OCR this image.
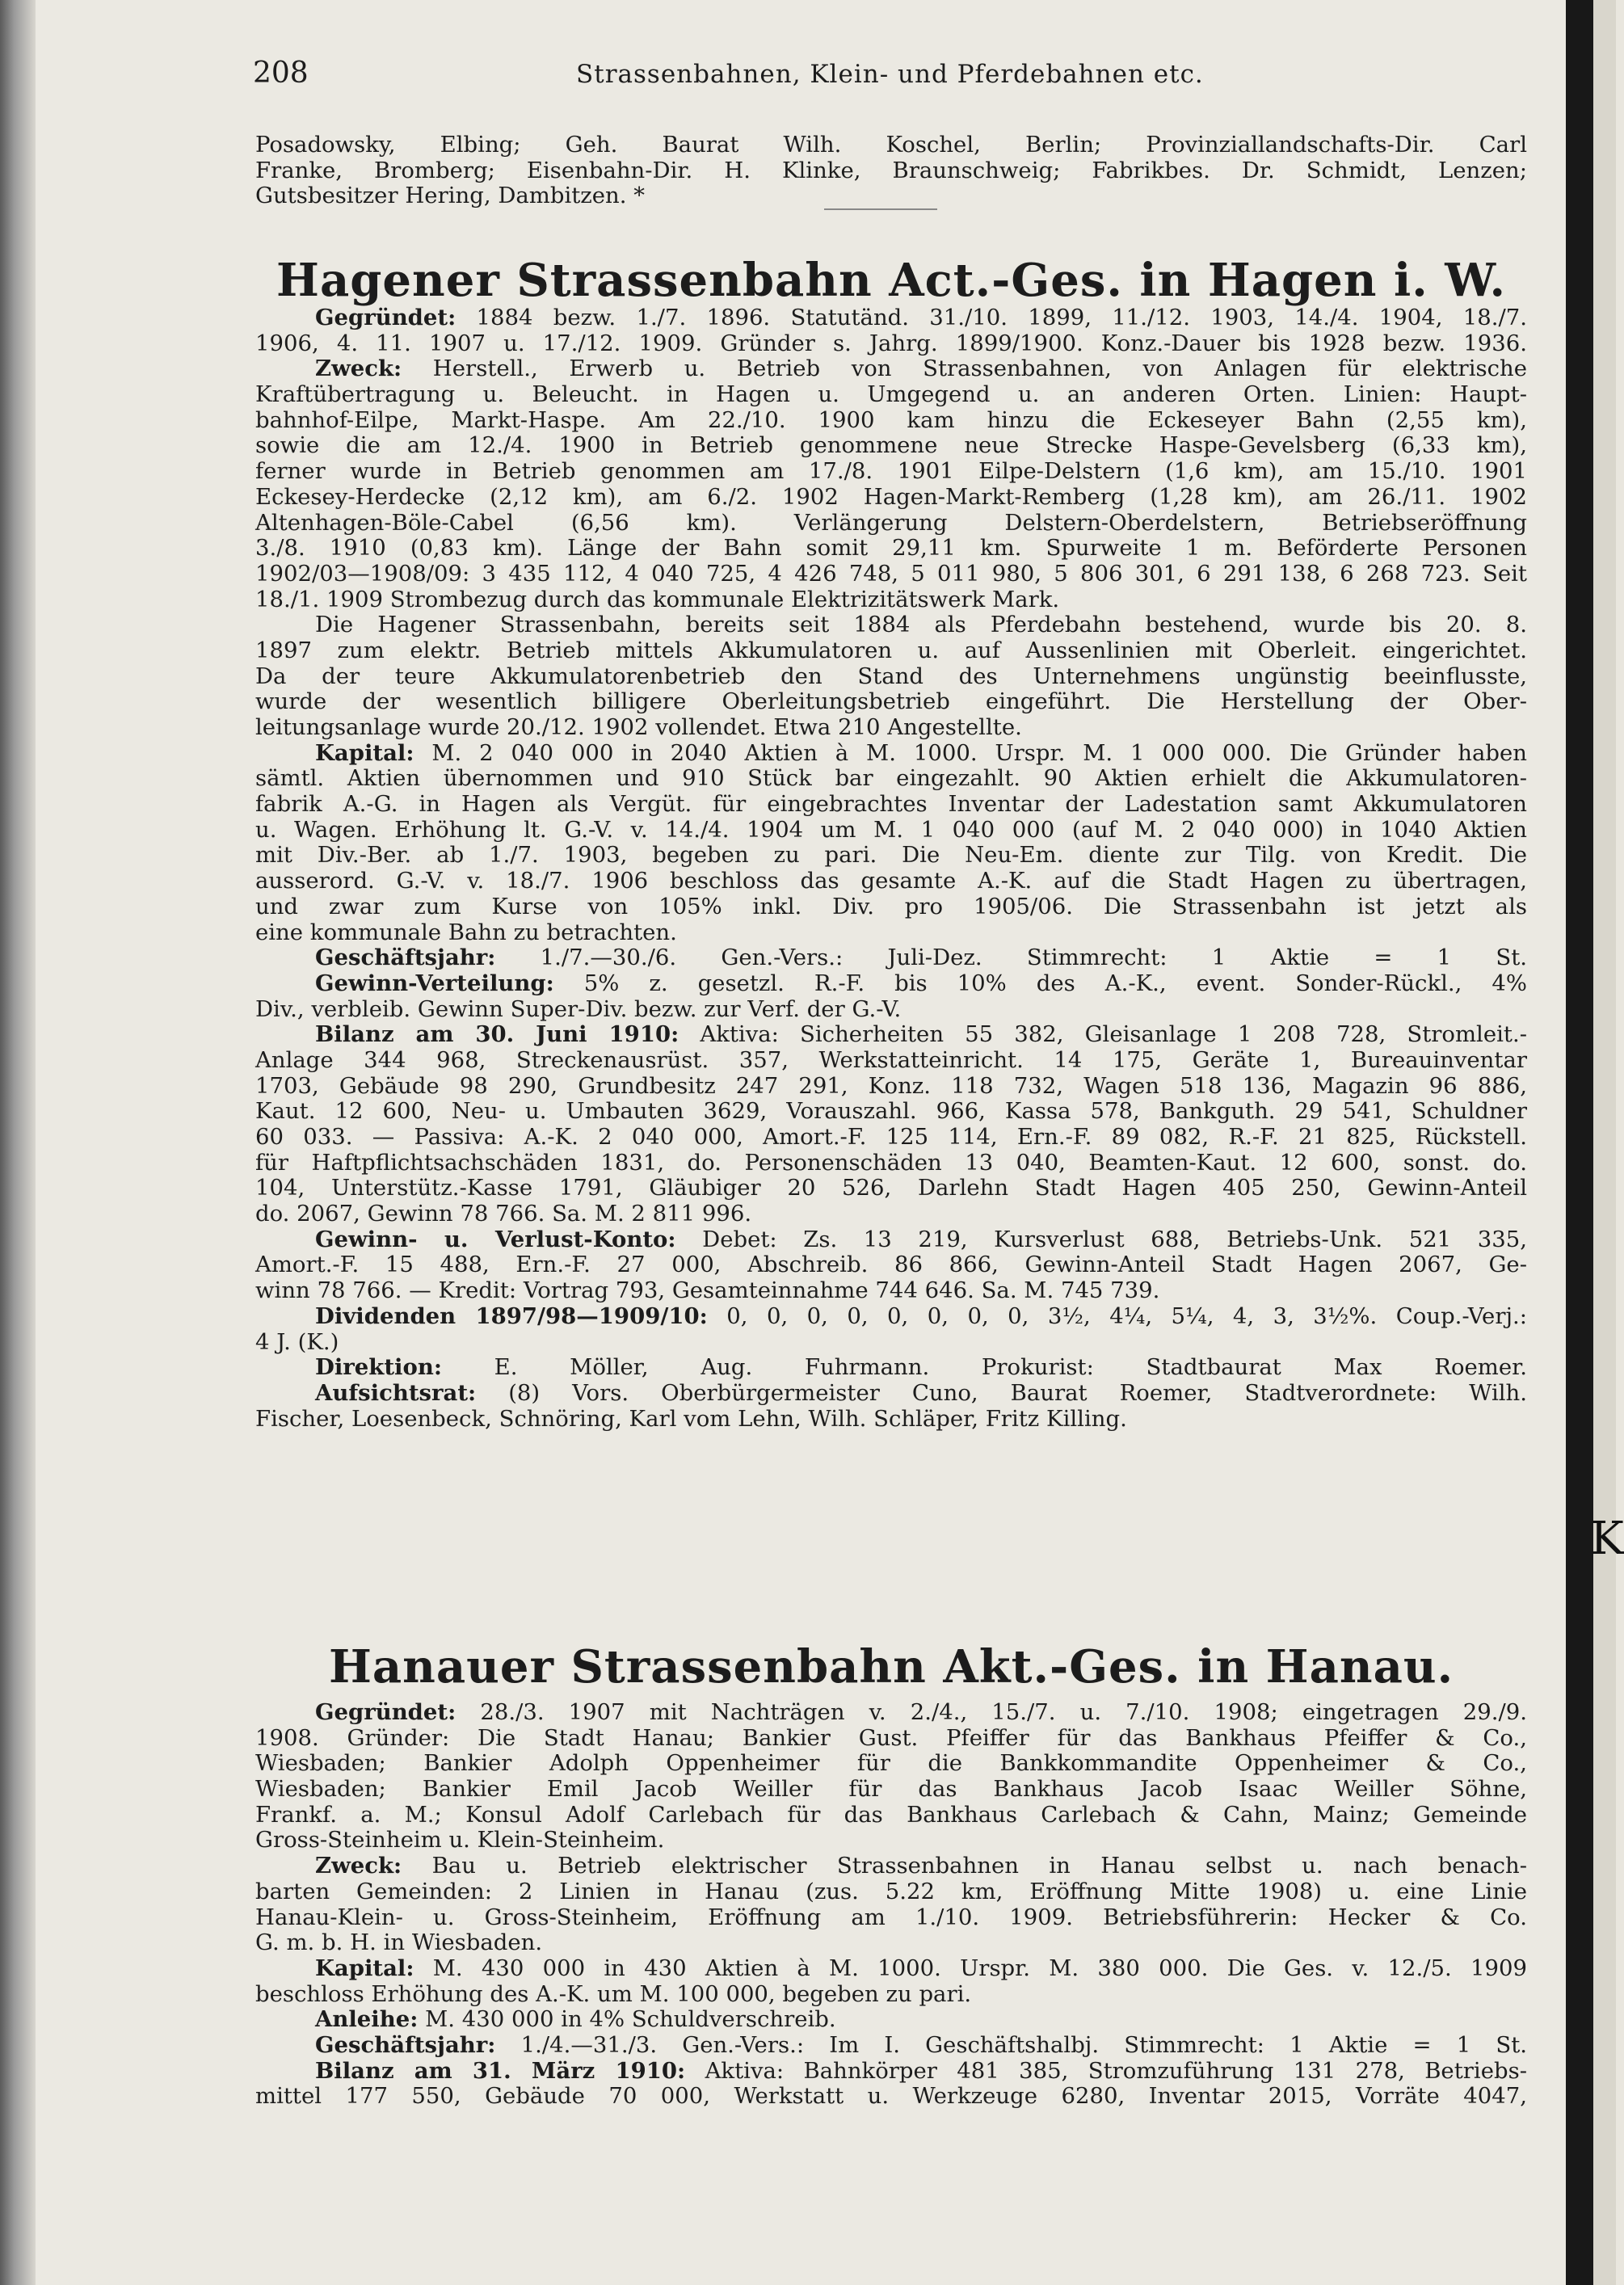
K
208	Strassenbahnen, Klein- und Pferdebahnen etc.
Posadowsky, Elbing; Geh. Baurat Wilh. Koschel, Berlin; Provinziallandschafts-Dir. Carl
Franke, Bromberg; Eisenbahn-Dir. H. Klinke, Braunschweig; Fabrikbes. Dr. Schmidt, Lenzen;
Gutsbesitzer Hering, Dambitzen. *
Hagener Strassenbahn Act.-Ges. in Hagen i. W.
Gegründet: 1884 bezw. 1./7. 1896. Statutänd. 31./10. 1899, 11./12. 1903, 14./4. 1904, 18./7.
1906, 4. 11. 1907 u. 17./12. 1909. Gründer s. Jahrg. 1899/1900. Konz.-Dauer bis 1928 bezw. 1936.
Zweck: Herstell., Erwerb u. Betrieb von Strassenbahnen, von Anlagen für elektrische
Kraftübertragung u. Beleucht. in Hagen u. Umgegend u. an anderen Orten. Linien: Haupt-
bahnhof-Eilpe, Markt-Haspe. Am 22./10. 1900 kam hinzu die Eckeseyer Bahn (2,55 km),
sowie die am 12./4. 1900 in Betrieb genommene neue Strecke Haspe-Gevelsberg (6,33 km),
ferner wurde in Betrieb genommen am 17./8. 1901 Eilpe-Delstern (1,6 km), am 15./10. 1901
Eckesey-Herdecke (2,12 km), am 6./2. 1902 Hagen-Markt-Remberg (1,28 km), am 26./11. 1902
Altenhagen-Böle-Cabel (6,56 km). Verlängerung Delstern-Oberdelstern, Betriebseröffnung
3./8. 1910 (0,83 km). Länge der Bahn somit 29,11 km. Spurweite 1 m. Beförderte Personen
1902/03—1908/09: 3 435 112, 4 040 725, 4 426 748, 5 011 980, 5 806 301, 6 291 138, 6 268 723. Seit
18./1. 1909 Strombezug durch das kommunale Elektrizitätswerk Mark.
Die Hagener Strassenbahn, bereits seit 1884 als Pferdebahn bestehend, wurde bis 20. 8.
1897 zum elektr. Betrieb mittels Akkumulatoren u. auf Aussenlinien mit Oberleit. eingerichtet.
Da der teure Akkumulatorenbetrieb den Stand des Unternehmens ungünstig beeinflusste,
wurde der wesentlich billigere Oberleitungsbetrieb eingeführt. Die Herstellung der Ober-
leitungsanlage wurde 20./12. 1902 vollendet. Etwa 210 Angestellte.
Kapital: M. 2 040 000 in 2040 Aktien à M. 1000. Urspr. M. 1 000 000. Die Gründer haben
sämtl. Aktien übernommen und 910 Stück bar eingezahlt. 90 Aktien erhielt die Akkumulatoren-
fabrik A.-G. in Hagen als Vergüt. für eingebrachtes Inventar der Ladestation samt Akkumulatoren
u. Wagen. Erhöhung lt. G.-V. v. 14./4. 1904 um M. 1 040 000 (auf M. 2 040 000) in 1040 Aktien
mit Div.-Ber. ab 1./7. 1903, begeben zu pari. Die Neu-Em. diente zur Tilg. von Kredit. Die
ausserord. G.-V. v. 18./7. 1906 beschloss das gesamte A.-K. auf die Stadt Hagen zu übertragen,
und zwar zum Kurse von 105% inkl. Div. pro 1905/06. Die Strassenbahn ist jetzt als
eine kommunale Bahn zu betrachten.
Geschäftsjahr: 1./7.—30./6. Gen.-Vers.: Juli-Dez. Stimmrecht: 1 Aktie = 1 St.
Gewinn-Verteilung: 5% z. gesetzl. R.-F. bis 10% des A.-K., event. Sonder-Rückl., 4%
Div., verbleib. Gewinn Super-Div. bezw. zur Verf. der G.-V.
Bilanz am 30. Juni 1910: Aktiva: Sicherheiten 55 382, Gleisanlage 1 208 728, Stromleit.-
Anlage 344 968, Streckenausrüst. 357, Werkstatteinricht. 14 175, Geräte 1, Bureauinventar
1703, Gebäude 98 290, Grundbesitz 247 291, Konz. 118 732, Wagen 518 136, Magazin 96 886,
Kaut. 12 600, Neu- u. Umbauten 3629, Vorauszahl. 966, Kassa 578, Bankguth. 29 541, Schuldner
60 033. — Passiva: A.-K. 2 040 000, Amort.-F. 125 114, Ern.-F. 89 082, R.-F. 21 825, Rückstell.
für Haftpflichtsachschäden 1831, do. Personenschäden 13 040, Beamten-Kaut. 12 600, sonst. do.
104, Unterstütz.-Kasse 1791, Gläubiger 20 526, Darlehn Stadt Hagen 405 250, Gewinn-Anteil
do. 2067, Gewinn 78 766. Sa. M. 2 811 996.
Gewinn- u. Verlust-Konto: Debet: Zs. 13 219, Kursverlust 688, Betriebs-Unk. 521 335,
Amort.-F. 15 488, Ern.-F. 27 000, Abschreib. 86 866, Gewinn-Anteil Stadt Hagen 2067, Ge-
winn 78 766. — Kredit: Vortrag 793, Gesamteinnahme 744 646. Sa. M. 745 739.
Dividenden 1897/98—1909/10: 0, 0, 0, 0, 0, 0, 0, 0, 3½, 4¼, 5¼, 4, 3, 3½%. Coup.-Verj.:
4 J. (K.)
Direktion: E. Möller, Aug. Fuhrmann. Prokurist: Stadtbaurat Max Roemer.
Aufsichtsrat: (8) Vors. Oberbürgermeister Cuno, Baurat Roemer, Stadtverordnete: Wilh.
Fischer, Loesenbeck, Schnöring, Karl vom Lehn, Wilh. Schläper, Fritz Killing.
Hanauer Strassenbahn Akt.-Ges. in Hanau.
Gegründet: 28./3. 1907 mit Nachträgen v. 2./4., 15./7. u. 7./10. 1908; eingetragen 29./9.
1908. Gründer: Die Stadt Hanau; Bankier Gust. Pfeiffer für das Bankhaus Pfeiffer & Co.,
Wiesbaden; Bankier Adolph Oppenheimer für die Bankkommandite Oppenheimer & Co.,
Wiesbaden; Bankier Emil Jacob Weiller für das Bankhaus Jacob Isaac Weiller Söhne,
Frankf. a. M.; Konsul Adolf Carlebach für das Bankhaus Carlebach & Cahn, Mainz; Gemeinde
Gross-Steinheim u. Klein-Steinheim.
Zweck: Bau u. Betrieb elektrischer Strassenbahnen in Hanau selbst u. nach benach-
barten Gemeinden: 2 Linien in Hanau (zus. 5.22 km, Eröffnung Mitte 1908) u. eine Linie
Hanau-Klein- u. Gross-Steinheim, Eröffnung am 1./10. 1909. Betriebsführerin: Hecker & Co.
G. m. b. H. in Wiesbaden.
Kapital: M. 430 000 in 430 Aktien à M. 1000. Urspr. M. 380 000. Die Ges. v. 12./5. 1909
beschloss Erhöhung des A.-K. um M. 100 000, begeben zu pari.
Anleihe: M. 430 000 in 4% Schuldverschreib.
Geschäftsjahr: 1./4.—31./3. Gen.-Vers.: Im I. Geschäftshalbj. Stimmrecht: 1 Aktie = 1 St.
Bilanz am 31. März 1910: Aktiva: Bahnkörper 481 385, Stromzuführung 131 278, Betriebs-
mittel 177 550, Gebäude 70 000, Werkstatt u. Werkzeuge 6280, Inventar 2015, Vorräte 4047,
